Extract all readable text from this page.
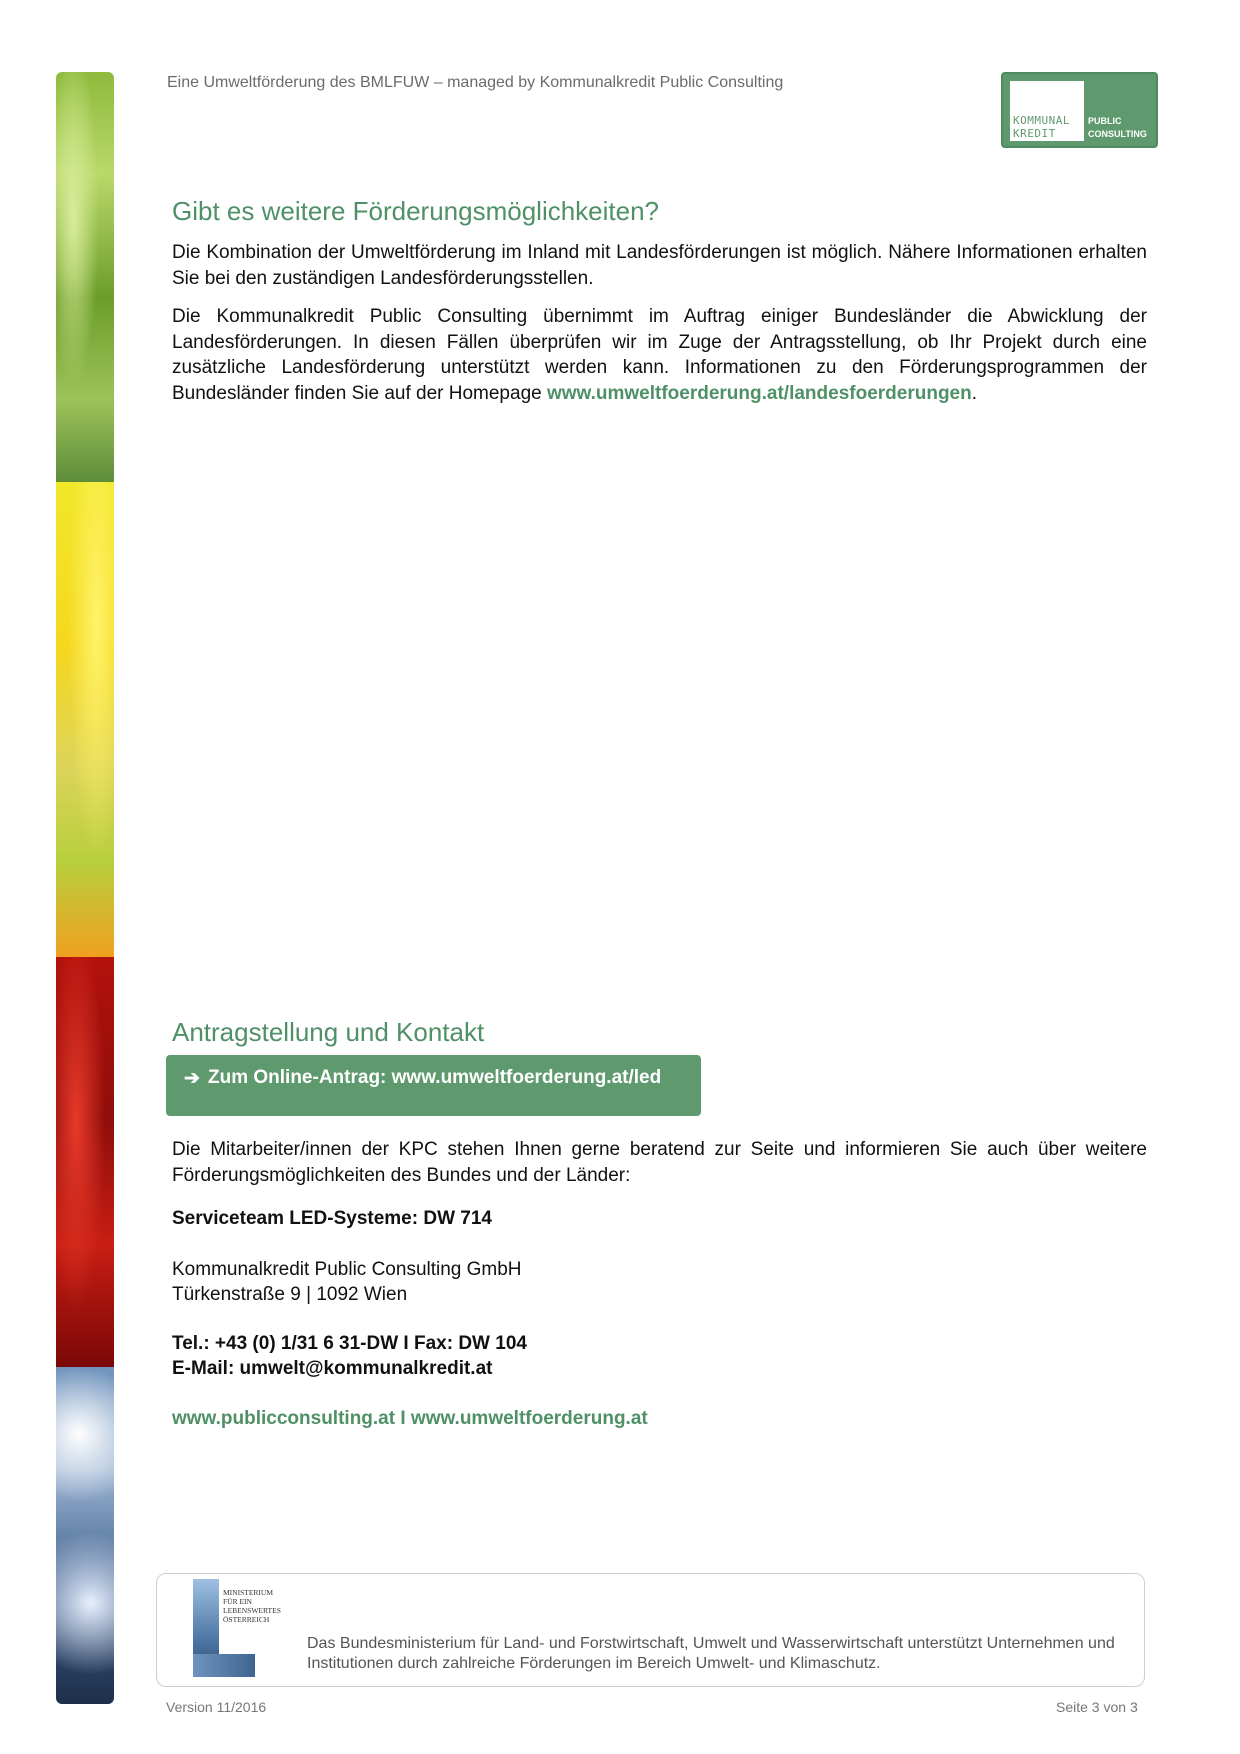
Eine Umweltförderung des BMLFUW – managed by Kommunalkredit Public Consulting
KOMMUNAL
KREDIT
PUBLIC
CONSULTING
Gibt es weitere Förderungsmöglichkeiten?
Die Kombination der Umweltförderung im Inland mit Landesförderungen ist möglich. Nähere Informationen erhalten Sie bei den zuständigen Landesförderungsstellen.
Die Kommunalkredit Public Consulting übernimmt im Auftrag einiger Bundesländer die Abwicklung der Landesförderungen. In diesen Fällen überprüfen wir im Zuge der Antragsstellung, ob Ihr Projekt durch eine zusätzliche Landesförderung unterstützt werden kann. Informationen zu den Förderungsprogrammen der Bundesländer finden Sie auf der Homepage www.umweltfoerderung.at/landesfoerderungen.
Antragstellung und Kontakt
➔ Zum Online-Antrag: www.umweltfoerderung.at/led
Die Mitarbeiter/innen der KPC stehen Ihnen gerne beratend zur Seite und informieren Sie auch über weitere Förderungsmöglichkeiten des Bundes und der Länder:
Serviceteam LED-Systeme: DW 714
Kommunalkredit Public Consulting GmbH
Türkenstraße 9 | 1092 Wien
Tel.: +43 (0) 1/31 6 31-DW I Fax: DW 104
E-Mail: umwelt@kommunalkredit.at
www.publicconsulting.at I www.umweltfoerderung.at
MINISTERIUM
FÜR EIN
LEBENSWERTES
ÖSTERREICH
Das Bundesministerium für Land- und Forstwirtschaft, Umwelt und Wasserwirtschaft unterstützt Unternehmen und Institutionen durch zahlreiche Förderungen im Bereich Umwelt- und Klimaschutz.
Version 11/2016	Seite 3 von 3
